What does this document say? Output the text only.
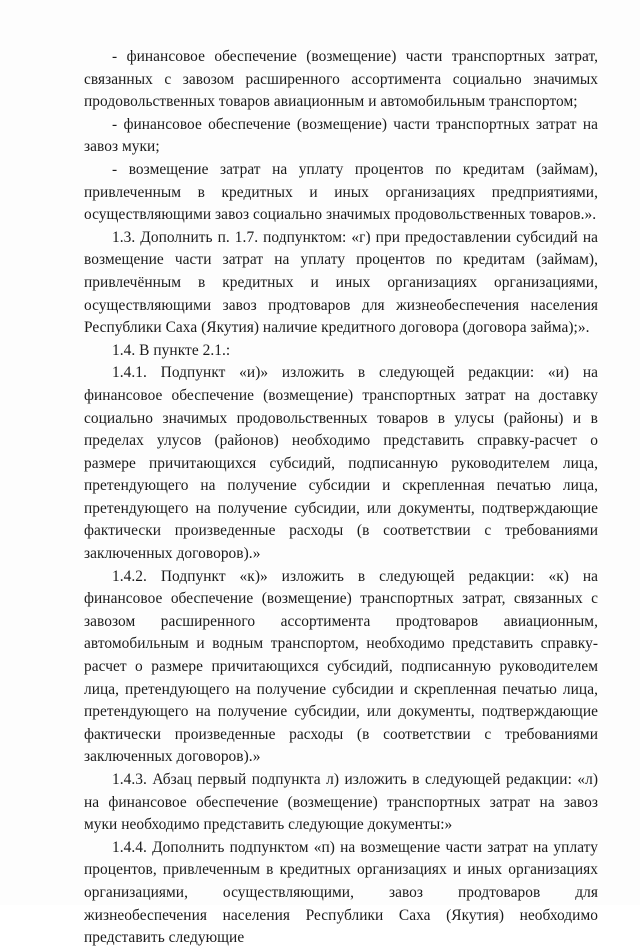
- финансовое обеспечение (возмещение) части транспортных затрат, связанных с завозом расширенного ассортимента социально значимых продовольственных товаров авиационным и автомобильным транспортом;

- финансовое обеспечение (возмещение) части транспортных затрат на завоз муки;

- возмещение затрат на уплату процентов по кредитам (займам), привлеченным в кредитных и иных организациях предприятиями, осуществляющими завоз социально значимых продовольственных товаров.».

1.3. Дополнить п. 1.7. подпунктом: «г) при предоставлении субсидий на возмещение части затрат на уплату процентов по кредитам (займам), привлечённым в кредитных и иных организациях организациями, осуществляющими завоз продтоваров для жизнеобеспечения населения Республики Саха (Якутия) наличие кредитного договора (договора займа);».

1.4. В пункте 2.1.:

1.4.1. Подпункт «и)» изложить в следующей редакции: «и) на финансовое обеспечение (возмещение) транспортных затрат на доставку социально значимых продовольственных товаров в улусы (районы) и в пределах улусов (районов) необходимо представить справку-расчет о размере причитающихся субсидий, подписанную руководителем лица, претендующего на получение субсидии и скрепленная печатью лица, претендующего на получение субсидии, или документы, подтверждающие фактически произведенные расходы (в соответствии с требованиями заключенных договоров).»

1.4.2. Подпункт «к)» изложить в следующей редакции: «к) на финансовое обеспечение (возмещение) транспортных затрат, связанных с завозом расширенного ассортимента продтоваров авиационным, автомобильным и водным транспортом, необходимо представить справку-расчет о размере причитающихся субсидий, подписанную руководителем лица, претендующего на получение субсидии и скрепленная печатью лица, претендующего на получение субсидии, или документы, подтверждающие фактически произведенные расходы (в соответствии с требованиями заключенных договоров).»

1.4.3. Абзац первый подпункта л) изложить в следующей редакции: «л) на финансовое обеспечение (возмещение) транспортных затрат на завоз муки необходимо представить следующие документы:»

1.4.4. Дополнить подпунктом «п) на возмещение части затрат на уплату процентов, привлеченным в кредитных организациях и иных организациях организациями, осуществляющими, завоз продтоваров для жизнеобеспечения населения Республики Саха (Якутия) необходимо представить следующие
